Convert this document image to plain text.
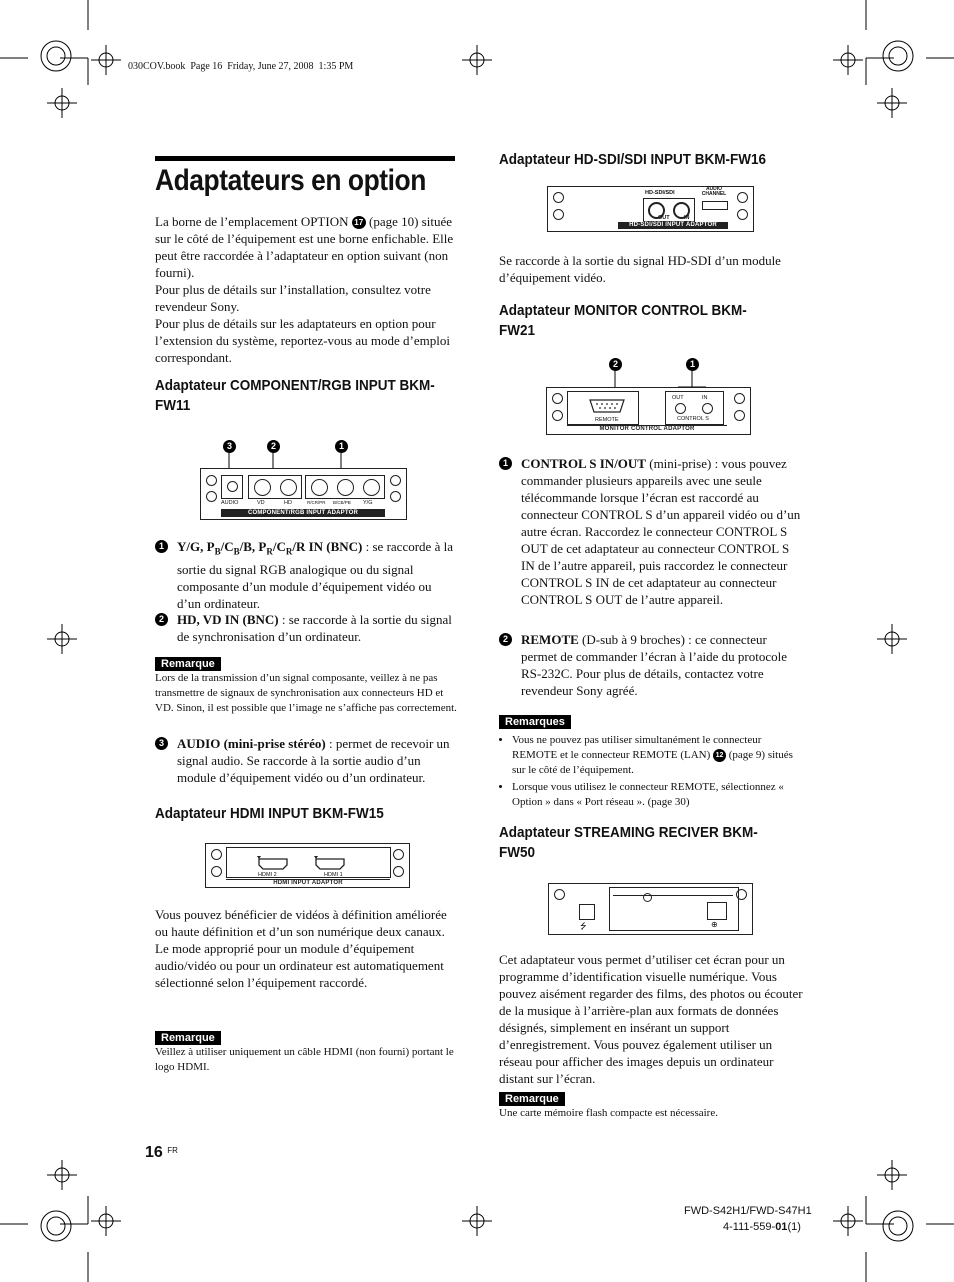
030COV.book  Page 16  Friday, June 27, 2008  1:35 PM
Adaptateurs en option
La borne de l’emplacement OPTION 17 (page 10) située sur le côté de l’équipement est une borne enfichable. Elle peut être raccordée à l’adaptateur en option suivant (non fourni).
Pour plus de détails sur l’installation, consultez votre revendeur Sony.
Pour plus de détails sur les adaptateurs en option pour l’extension du système, reportez-vous au mode d’emploi correspondant.
Adaptateur COMPONENT/RGB INPUT BKM-FW11
3	2	1
AUDIO	VD	HD	R/CR/PR B/CB/PB Y/G
COMPONENT/RGB INPUT ADAPTOR
1	Y/G, $P_B/C_B/B$, $P_R/C_R/R$ IN (BNC) : se raccorde à la sortie du signal RGB analogique ou du signal composante d’un module d’équipement vidéo ou d’un ordinateur.
2	HD, VD IN (BNC) : se raccorde à la sortie du signal de synchronisation d’un ordinateur.
Remarque
Lors de la transmission d’un signal composante, veillez à ne pas transmettre de signaux de synchronisation aux connecteurs HD et VD. Sinon, il est possible que l’image ne s’affiche pas correctement.
3	AUDIO (mini-prise stéréo) : permet de recevoir un signal audio. Se raccorde à la sortie audio d’un module d’équipement vidéo ou d’un ordinateur.
Adaptateur HDMI INPUT BKM-FW15
HDMI 2	HDMI 1
HDMI INPUT ADAPTOR
Vous pouvez bénéficier de vidéos à définition améliorée ou haute définition et d’un son numérique deux canaux.
Le mode approprié pour un module d’équipement audio/vidéo ou pour un ordinateur est automatiquement sélectionné selon l’équipement raccordé.
Remarque
Veillez à utiliser uniquement un câble HDMI (non fourni) portant le logo HDMI.
Adaptateur HD-SDI/SDI INPUT BKM-FW16
HD-SDI/SDI
AUDIO CHANNEL
OUT	IN
HD-SDI/SDI INPUT ADAPTOR
Se raccorde à la sortie du signal HD-SDI d’un module d’équipement vidéo.
Adaptateur MONITOR CONTROL BKM-FW21
2	1
REMOTE
OUT	IN
CONTROL S
MONITOR CONTROL ADAPTOR
1	CONTROL S IN/OUT (mini-prise) : vous pouvez commander plusieurs appareils avec une seule télécommande lorsque l’écran est raccordé au connecteur CONTROL S d’un appareil vidéo ou d’un autre écran. Raccordez le connecteur CONTROL S OUT de cet adaptateur au connecteur CONTROL S IN de l’autre appareil, puis raccordez le connecteur CONTROL S IN de cet adaptateur au connecteur CONTROL S OUT de l’autre appareil.
2	REMOTE (D-sub à 9 broches) : ce connecteur permet de commander l’écran à l’aide du protocole RS-232C. Pour plus de détails, contactez votre revendeur Sony agréé.
Remarques
• Vous ne pouvez pas utiliser simultanément le connecteur REMOTE et le connecteur REMOTE (LAN) 12 (page 9) situés sur le côté de l’équipement.
• Lorsque vous utilisez le connecteur REMOTE, sélectionnez « Option » dans « Port réseau ». (page 30)
Adaptateur STREAMING RECIVER BKM-FW50
⭍	⊕
Cet adaptateur vous permet d’utiliser cet écran pour un programme d’identification visuelle numérique. Vous pouvez aisément regarder des films, des photos ou écouter de la musique à l’arrière-plan aux formats de données désignés, simplement en insérant un support d’enregistrement. Vous pouvez également utiliser un réseau pour afficher des images depuis un ordinateur distant sur l’écran.
Remarque
Une carte mémoire flash compacte est nécessaire.
16 $^{FR}$
FWD-S42H1/FWD-S47H1
4-111-559-01(1)
